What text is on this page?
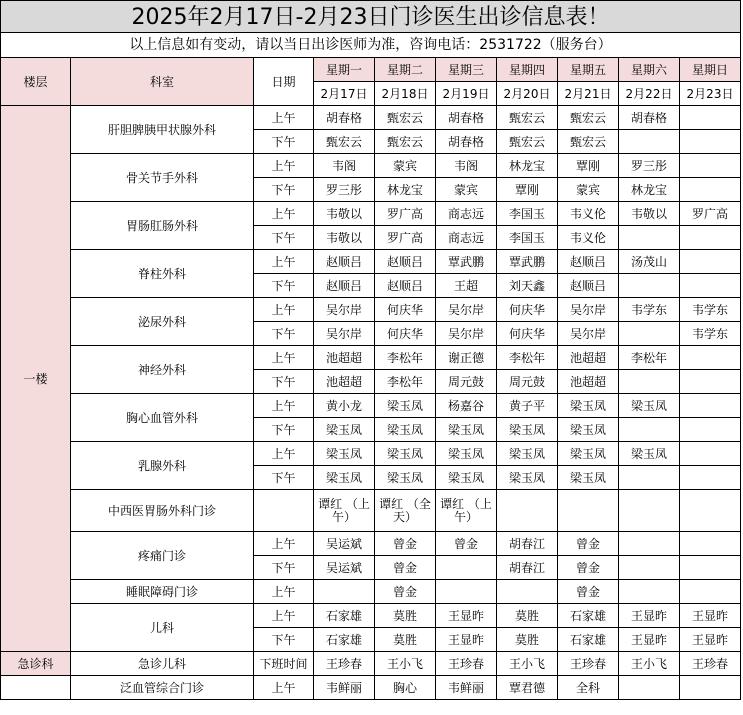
2025年2月17日-2月23日门诊医生出诊信息表！
以上信息如有变动，请以当日出诊医师为准，咨询电话：2531722（服务台）
楼层	科室	日期	星期一	星期二	星期三	星期四	星期五	星期六	星期日
			2月17日	2月18日	2月19日	2月20日	2月21日	2月22日	2月23日
一楼	肝胆脾胰甲状腺外科	上午	胡春格	甄宏云	胡春格	甄宏云	甄宏云	胡春格	
		下午	甄宏云	甄宏云	胡春格	甄宏云	甄宏云		
	骨关节手外科	上午	韦阁	蒙宾	韦阁	林龙宝	覃刚	罗三彤	
		下午	罗三彤	林龙宝	蒙宾	覃刚	蒙宾	林龙宝	
	胃肠肛肠外科	上午	韦敬以	罗广高	商志远	李国玉	韦义伦	韦敬以	罗广高
		下午	韦敬以	罗广高	商志远	李国玉	韦义伦		
	脊柱外科	上午	赵顺吕	赵顺吕	覃武鹏	覃武鹏	赵顺吕	汤茂山	
		下午	赵顺吕	赵顺吕	王超	刘天鑫	赵顺吕		
	泌尿外科	上午	吴尔岸	何庆华	吴尔岸	何庆华	吴尔岸	韦学东	韦学东
		下午	吴尔岸	何庆华	吴尔岸	何庆华	吴尔岸		韦学东
	神经外科	上午	池超超	李松年	谢正德	李松年	池超超	李松年	
		下午	池超超	李松年	周元鼓	周元鼓	池超超		
	胸心血管外科	上午	黄小龙	梁玉凤	杨嘉谷	黄子平	梁玉凤	梁玉凤	
		下午	梁玉凤	梁玉凤	梁玉凤	梁玉凤	梁玉凤		
	乳腺外科	上午	梁玉凤	梁玉凤	梁玉凤	梁玉凤	梁玉凤	梁玉凤	
		下午	梁玉凤	梁玉凤	梁玉凤	梁玉凤	梁玉凤		
	中西医胃肠外科门诊		谭红 （上午）	谭红 （全天）	谭红 （上午）				
	疼痛门诊	上午	吴运斌	曾金	曾金	胡春江	曾金		
		下午	吴运斌	曾金		胡春江	曾金		
	睡眠障碍门诊	上午		曾金			曾金		
	儿科	上午	石家雄	莫胜	王显昨	莫胜	石家雄	王显昨	王显昨
		下午	石家雄	莫胜	王显昨	莫胜	石家雄	王显昨	王显昨
急诊科	急诊儿科	下班时间	王珍春	王小飞	王珍春	王小飞	王珍春	王小飞	王珍春
	泛血管综合门诊	上午	韦鲜丽	胸心	韦鲜丽	覃君德	全科		
